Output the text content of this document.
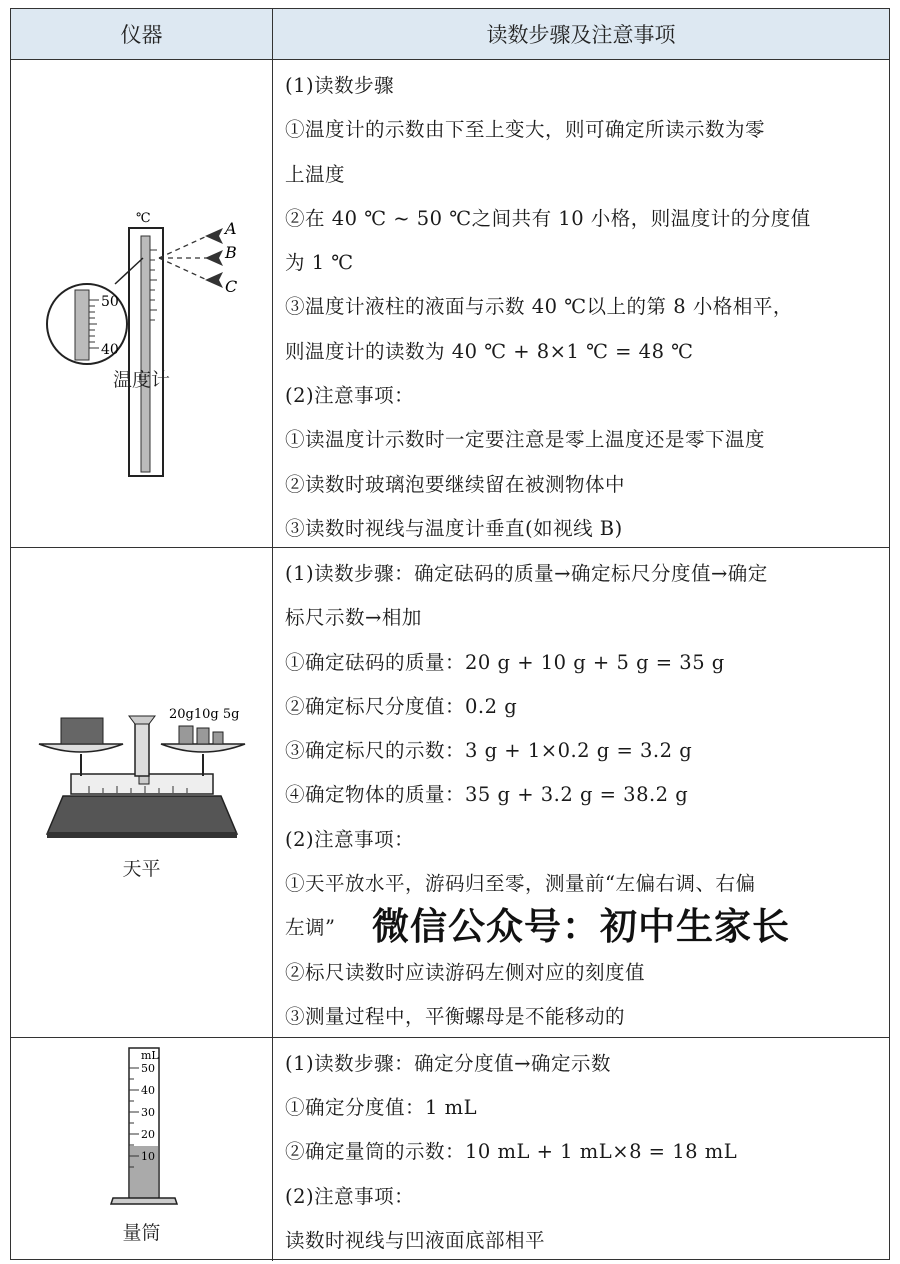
仪器	读数步骤及注意事项
℃
A
B
C
50
40
温度计
(1)读数步骤
①温度计的示数由下至上变大，则可确定所读示数为零
上温度
②在 40 ℃ ~ 50 ℃之间共有 10 小格，则温度计的分度值
为 1 ℃
③温度计液柱的液面与示数 40 ℃以上的第 8 小格相平，
则温度计的读数为 40 ℃ + 8×1 ℃ = 48 ℃
(2)注意事项：
①读温度计示数时一定要注意是零上温度还是零下温度
②读数时玻璃泡要继续留在被测物体中
③读数时视线与温度计垂直(如视线 B)
20g10g 5g
天平
(1)读数步骤：确定砝码的质量→确定标尺分度值→确定
标尺示数→相加
①确定砝码的质量：20 g + 10 g + 5 g = 35 g
②确定标尺分度值：0.2 g
③确定标尺的示数：3 g + 1×0.2 g = 3.2 g
④确定物体的质量：35 g + 3.2 g = 38.2 g
(2)注意事项：
①天平放水平，游码归至零，测量前“左偏右调、右偏
左调”
②标尺读数时应读游码左侧对应的刻度值
③测量过程中，平衡螺母是不能移动的
mL
50
40
30
20
10
量筒
(1)读数步骤：确定分度值→确定示数
①确定分度值：1 mL
②确定量筒的示数：10 mL + 1 mL×8 = 18 mL
(2)注意事项：
读数时视线与凹液面底部相平
微信公众号：初中生家长
